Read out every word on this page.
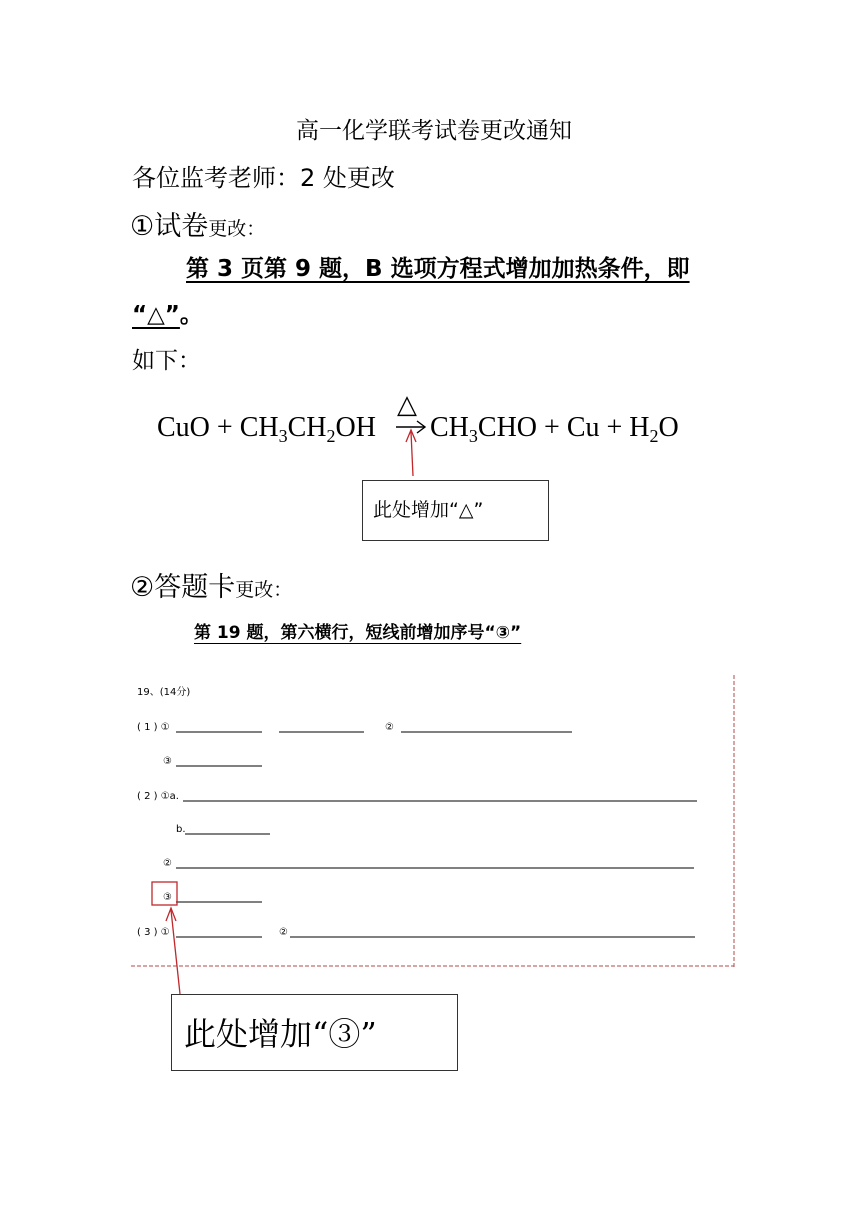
高一化学联考试卷更改通知
各位监考老师：2 处更改
①试卷更改：
第 3 页第 9 题，B 选项方程式增加加热条件，即
“△”。
如下：
CuO + $CH_3CH_2OH$ $CH_3CHO + Cu + H_2O$
△
此处增加“△”
②答题卡更改：
第 19 题，第六横行，短线前增加序号“③”
19、(14分)
( 1 ) ①	②
③
( 2 ) ①a.
b.
②
③
( 3 ) ①	②
此处增加“③”
